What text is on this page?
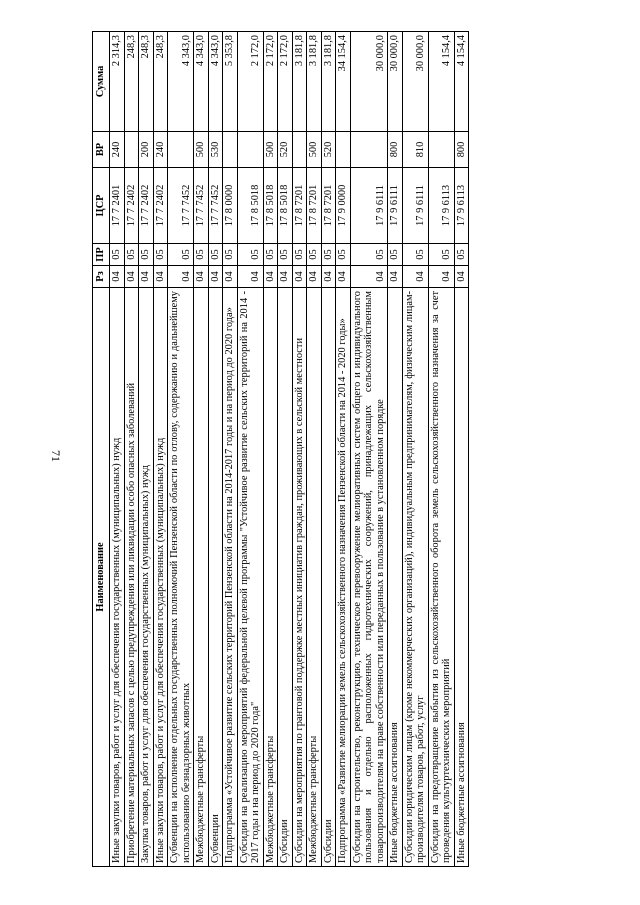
71
Наименование	Рз	ПР	ЦСР	ВР	Сумма
Иные закупки товаров, работ и услуг для обеспечения государственных (муниципальных) нужд	04	05	17 7 2401	240	2 314,3
Приобретение материальных запасов с целью предупреждения или ликвидации особо опасных заболеваний	04	05	17 7 2402		248,3
Закупка товаров, работ и услуг для обеспечения государственных (муниципальных) нужд	04	05	17 7 2402	200	248,3
Иные закупки товаров, работ и услуг для обеспечения государственных (муниципальных) нужд	04	05	17 7 2402	240	248,3
Субвенции на исполнение отдельных государственных полномочий Пензенской области по отлову, содержанию и дальнейшему использованию безнадзорных животных	04	05	17 7 7452		4 343,0
Межбюджетные трансферты	04	05	17 7 7452	500	4 343,0
Субвенции	04	05	17 7 7452	530	4 343,0
Подпрограмма «Устойчивое развитие сельских территорий Пензенской области на 2014-2017 годы и на период до 2020 года»	04	05	17 8 0000		5 353,8
Субсидии на реализацию мероприятий федеральной целевой программы "Устойчивое развитие сельских территорий на 2014 - 2017 годы и на период до 2020 года"	04	05	17 8 5018		2 172,0
Межбюджетные трансферты	04	05	17 8 5018	500	2 172,0
Субсидии	04	05	17 8 5018	520	2 172,0
Субсидии на мероприятия по грантовой поддержке местных инициатив граждан, проживающих в сельской местности	04	05	17 8 7201		3 181,8
Межбюджетные трансферты	04	05	17 8 7201	500	3 181,8
Субсидии	04	05	17 8 7201	520	3 181,8
Подпрограмма «Развитие мелиорации земель сельскохозяйственного назначения Пензенской области на 2014 - 2020 годы»	04	05	17 9 0000		34 154,4
Субсидии на строительство, реконструкцию, техническое перевооружение мелиоративных систем общего и индивидуального пользования и отдельно расположенных гидротехнических сооружений, принадлежащих сельскохозяйственным товаропроизводителям на праве собственности или переданных в пользование в установленном порядке	04	05	17 9 6111		30 000,0
Иные бюджетные ассигнования	04	05	17 9 6111	800	30 000,0
Субсидии юридическим лицам (кроме некоммерческих организаций), индивидуальным предпринимателям, физическим лицам-производителям товаров, работ, услуг	04	05	17 9 6111	810	30 000,0
Субсидии на предотвращение выбытия из сельскохозяйственного оборота земель сельскохозяйственного назначения за счет проведения культуртехнических мероприятий	04	05	17 9 6113		4 154,4
Иные бюджетные ассигнования	04	05	17 9 6113	800	4 154,4
